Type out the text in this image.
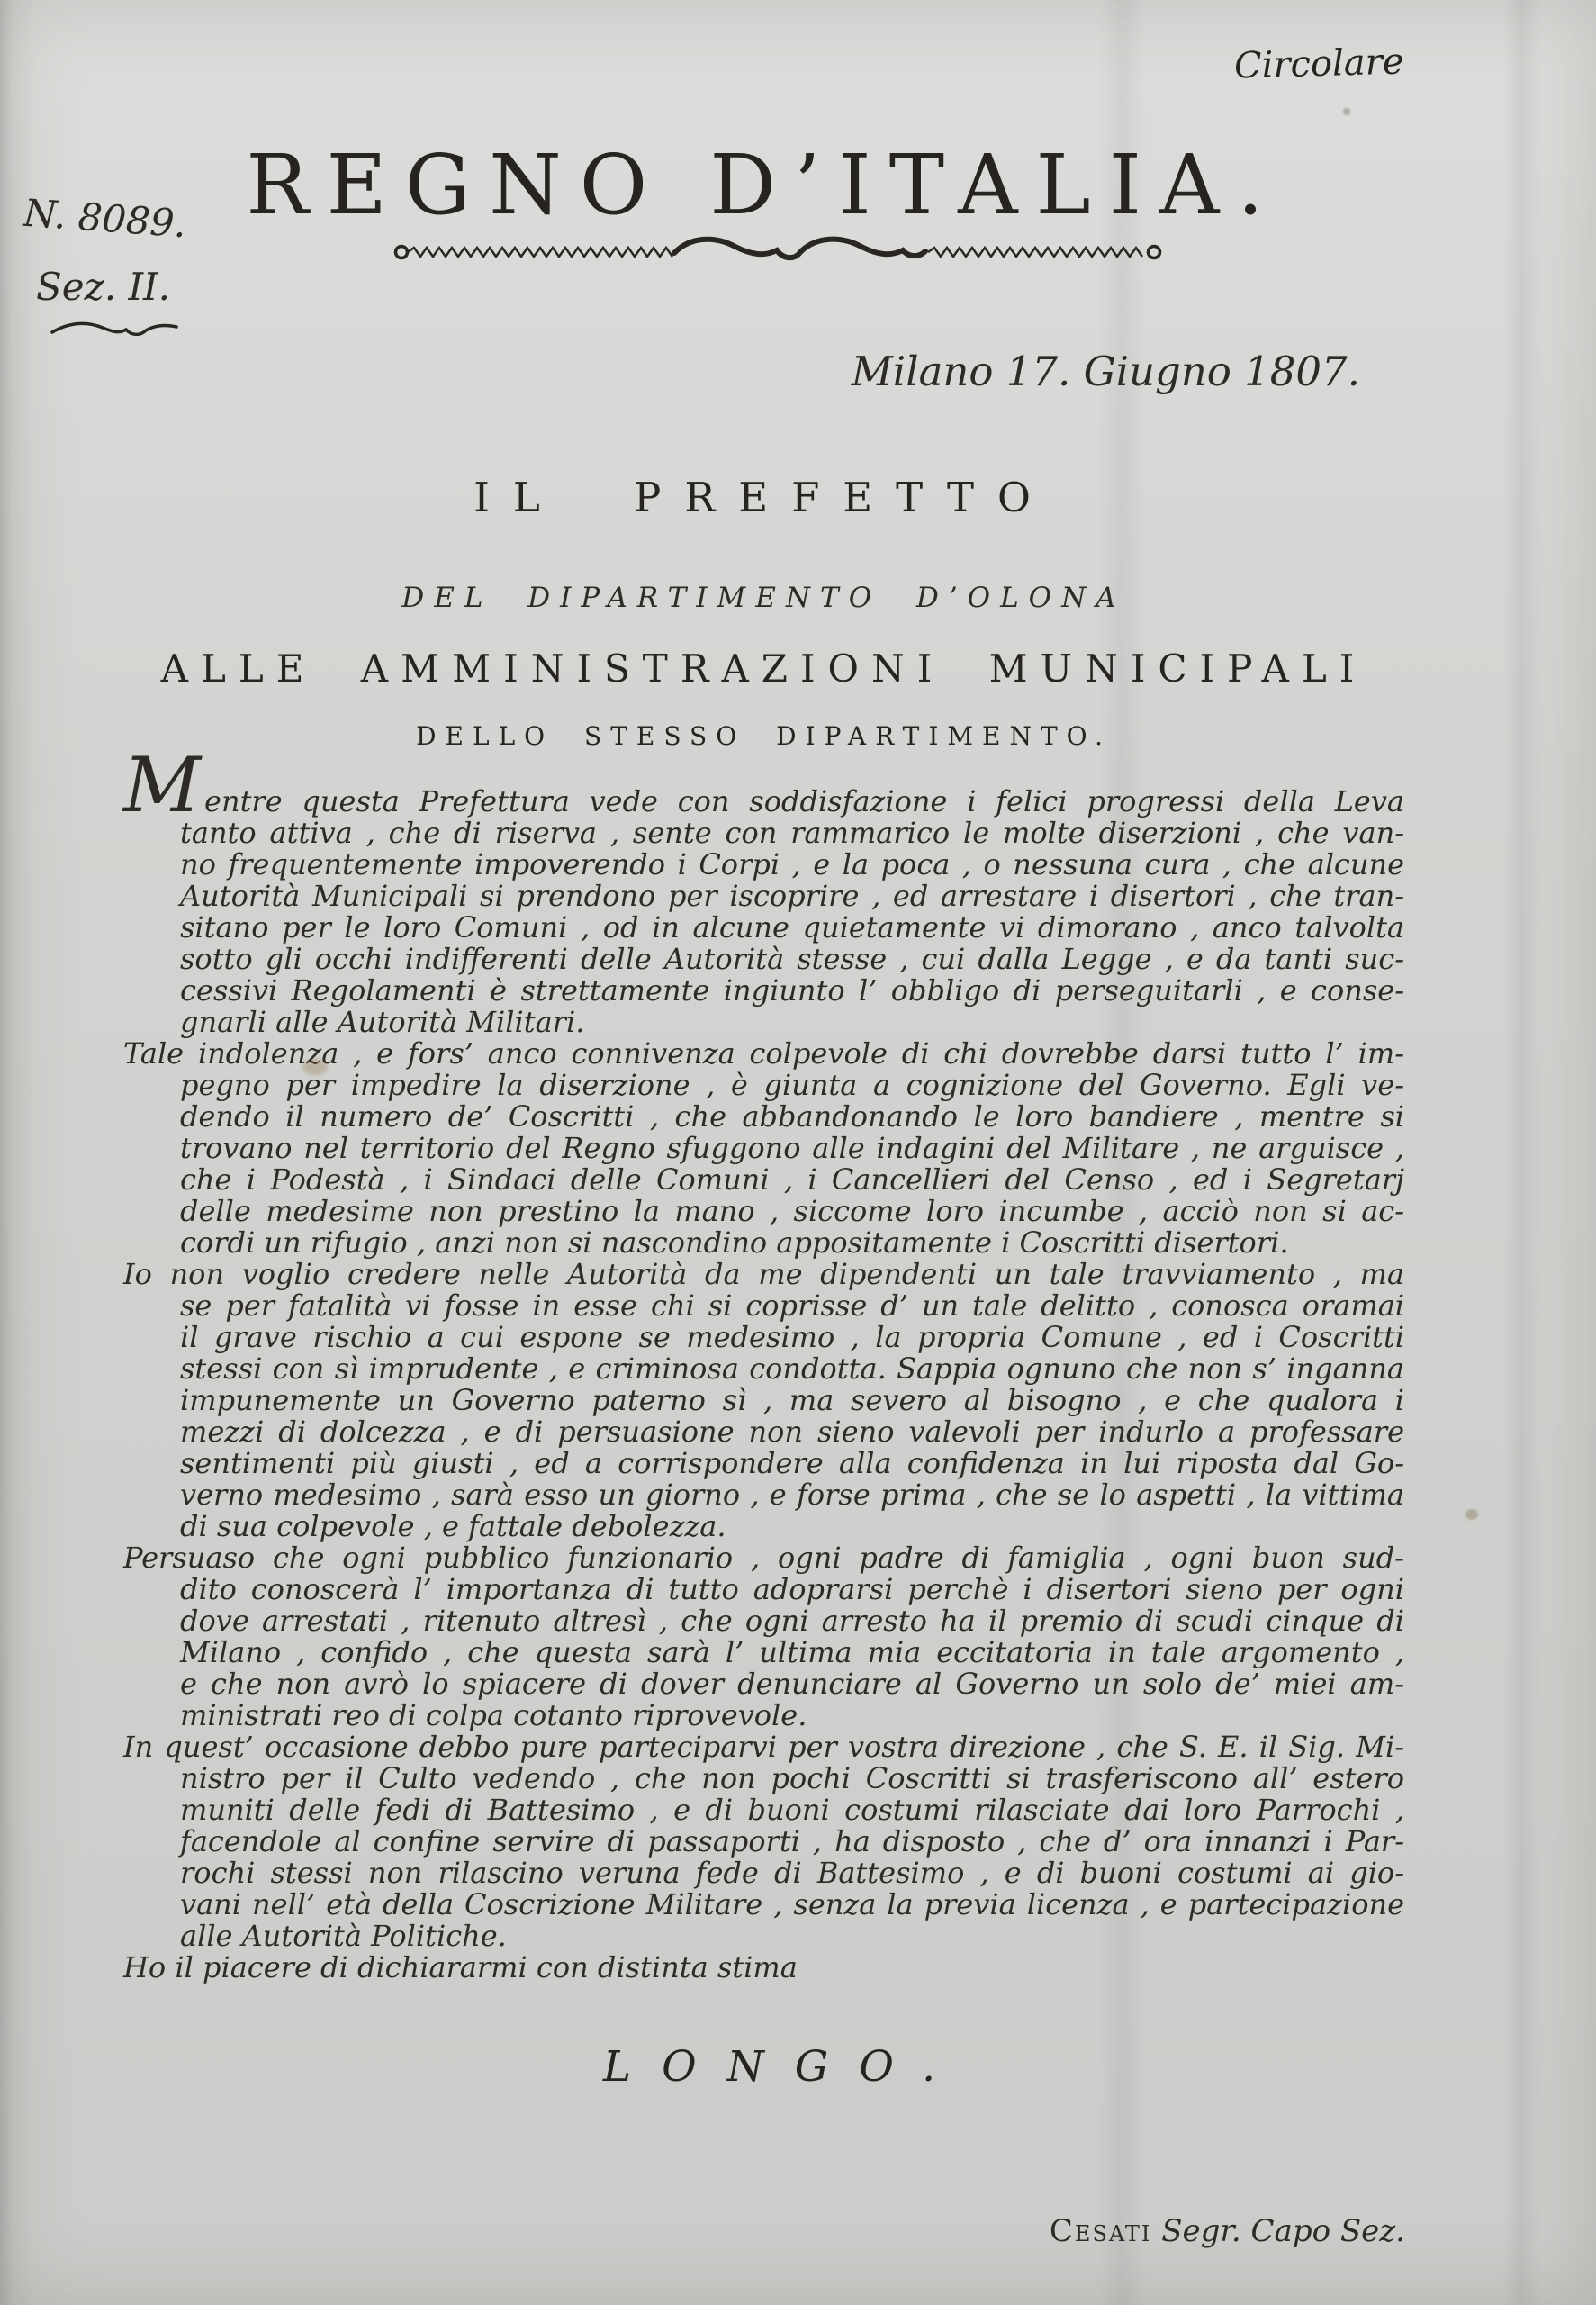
Circolare
REGNO D’ITALIA.
N. 8089.
Sez. II.
Milano 17. Giugno 1807.
IL PREFETTO
DEL DIPARTIMENTO D’OLONA
ALLE AMMINISTRAZIONI MUNICIPALI
DELLO STESSO DIPARTIMENTO.
Mentre questa Prefettura vede con soddisfazione i felici progressi della Leva
tanto attiva , che di riserva , sente con rammarico le molte diserzioni , che van-
no frequentemente impoverendo i Corpi , e la poca , o nessuna cura , che alcune
Autorità Municipali si prendono per iscoprire , ed arrestare i disertori , che tran-
sitano per le loro Comuni , od in alcune quietamente vi dimorano , anco talvolta
sotto gli occhi indifferenti delle Autorità stesse , cui dalla Legge , e da tanti suc-
cessivi Regolamenti è strettamente ingiunto l’ obbligo di perseguitarli , e conse-
gnarli alle Autorità Militari.
Tale indolenza , e fors’ anco connivenza colpevole di chi dovrebbe darsi tutto l’ im-
pegno per impedire la diserzione , è giunta a cognizione del Governo. Egli ve-
dendo il numero de’ Coscritti , che abbandonando le loro bandiere , mentre si
trovano nel territorio del Regno sfuggono alle indagini del Militare , ne arguisce ,
che i Podestà , i Sindaci delle Comuni , i Cancellieri del Censo , ed i Segretarj
delle medesime non prestino la mano , siccome loro incumbe , acciò non si ac-
cordi un rifugio , anzi non si nascondino appositamente i Coscritti disertori.
Io non voglio credere nelle Autorità da me dipendenti un tale travviamento , ma
se per fatalità vi fosse in esse chi si coprisse d’ un tale delitto , conosca oramai
il grave rischio a cui espone se medesimo , la propria Comune , ed i Coscritti
stessi con sì imprudente , e criminosa condotta. Sappia ognuno che non s’ inganna
impunemente un Governo paterno sì , ma severo al bisogno , e che qualora i
mezzi di dolcezza , e di persuasione non sieno valevoli per indurlo a professare
sentimenti più giusti , ed a corrispondere alla confidenza in lui riposta dal Go-
verno medesimo , sarà esso un giorno , e forse prima , che se lo aspetti , la vittima
di sua colpevole , e fattale debolezza.
Persuaso che ogni pubblico funzionario , ogni padre di famiglia , ogni buon sud-
dito conoscerà l’ importanza di tutto adoprarsi perchè i disertori sieno per ogni
dove arrestati , ritenuto altresì , che ogni arresto ha il premio di scudi cinque di
Milano , confido , che questa sarà l’ ultima mia eccitatoria in tale argomento ,
e che non avrò lo spiacere di dover denunciare al Governo un solo de’ miei am-
ministrati reo di colpa cotanto riprovevole.
In quest’ occasione debbo pure parteciparvi per vostra direzione , che S. E. il Sig. Mi-
nistro per il Culto vedendo , che non pochi Coscritti si trasferiscono all’ estero
muniti delle fedi di Battesimo , e di buoni costumi rilasciate dai loro Parrochi ,
facendole al confine servire di passaporti , ha disposto , che d’ ora innanzi i Par-
rochi stessi non rilascino veruna fede di Battesimo , e di buoni costumi ai gio-
vani nell’ età della Coscrizione Militare , senza la previa licenza , e partecipazione
alle Autorità Politiche.
Ho il piacere di dichiararmi con distinta stima
LONGO.
Cesati Segr. Capo Sez.
